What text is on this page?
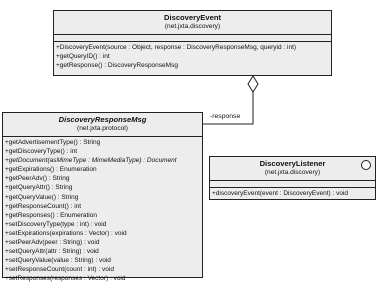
-response
DiscoveryEvent
(net.jxta.discovery)
+DiscoveryEvent(source : Object, response : DiscoveryResponseMsg, queryid : int)
+getQueryID() : int
+getResponse() : DiscoveryResponseMsg
DiscoveryResponseMsg
(net.jxta.protocol)
+getAdvertisementType() : String
+getDiscoveryType() : int
+getDocument(asMimeType : MimeMediaType) : Document
+getExpirations() : Enumeration
+getPeerAdv() : String
+getQueryAttr() : String
+getQueryValue() : String
+getResponseCount() : int
+getResponses() : Enumeration
+setDiscoveryType(type : int) : void
+setExpirations(expirations : Vector) : void
+setPeerAdv(peer : String) : void
+setQueryAttr(attr : String) : void
+setQueryValue(value : String) : void
+setResponseCount(count : int) : void
+setResponses(responses : Vector) : void
DiscoveryListener
(net.jxta.discovery)
+discoveryEvent(event : DiscoveryEvent) : void
